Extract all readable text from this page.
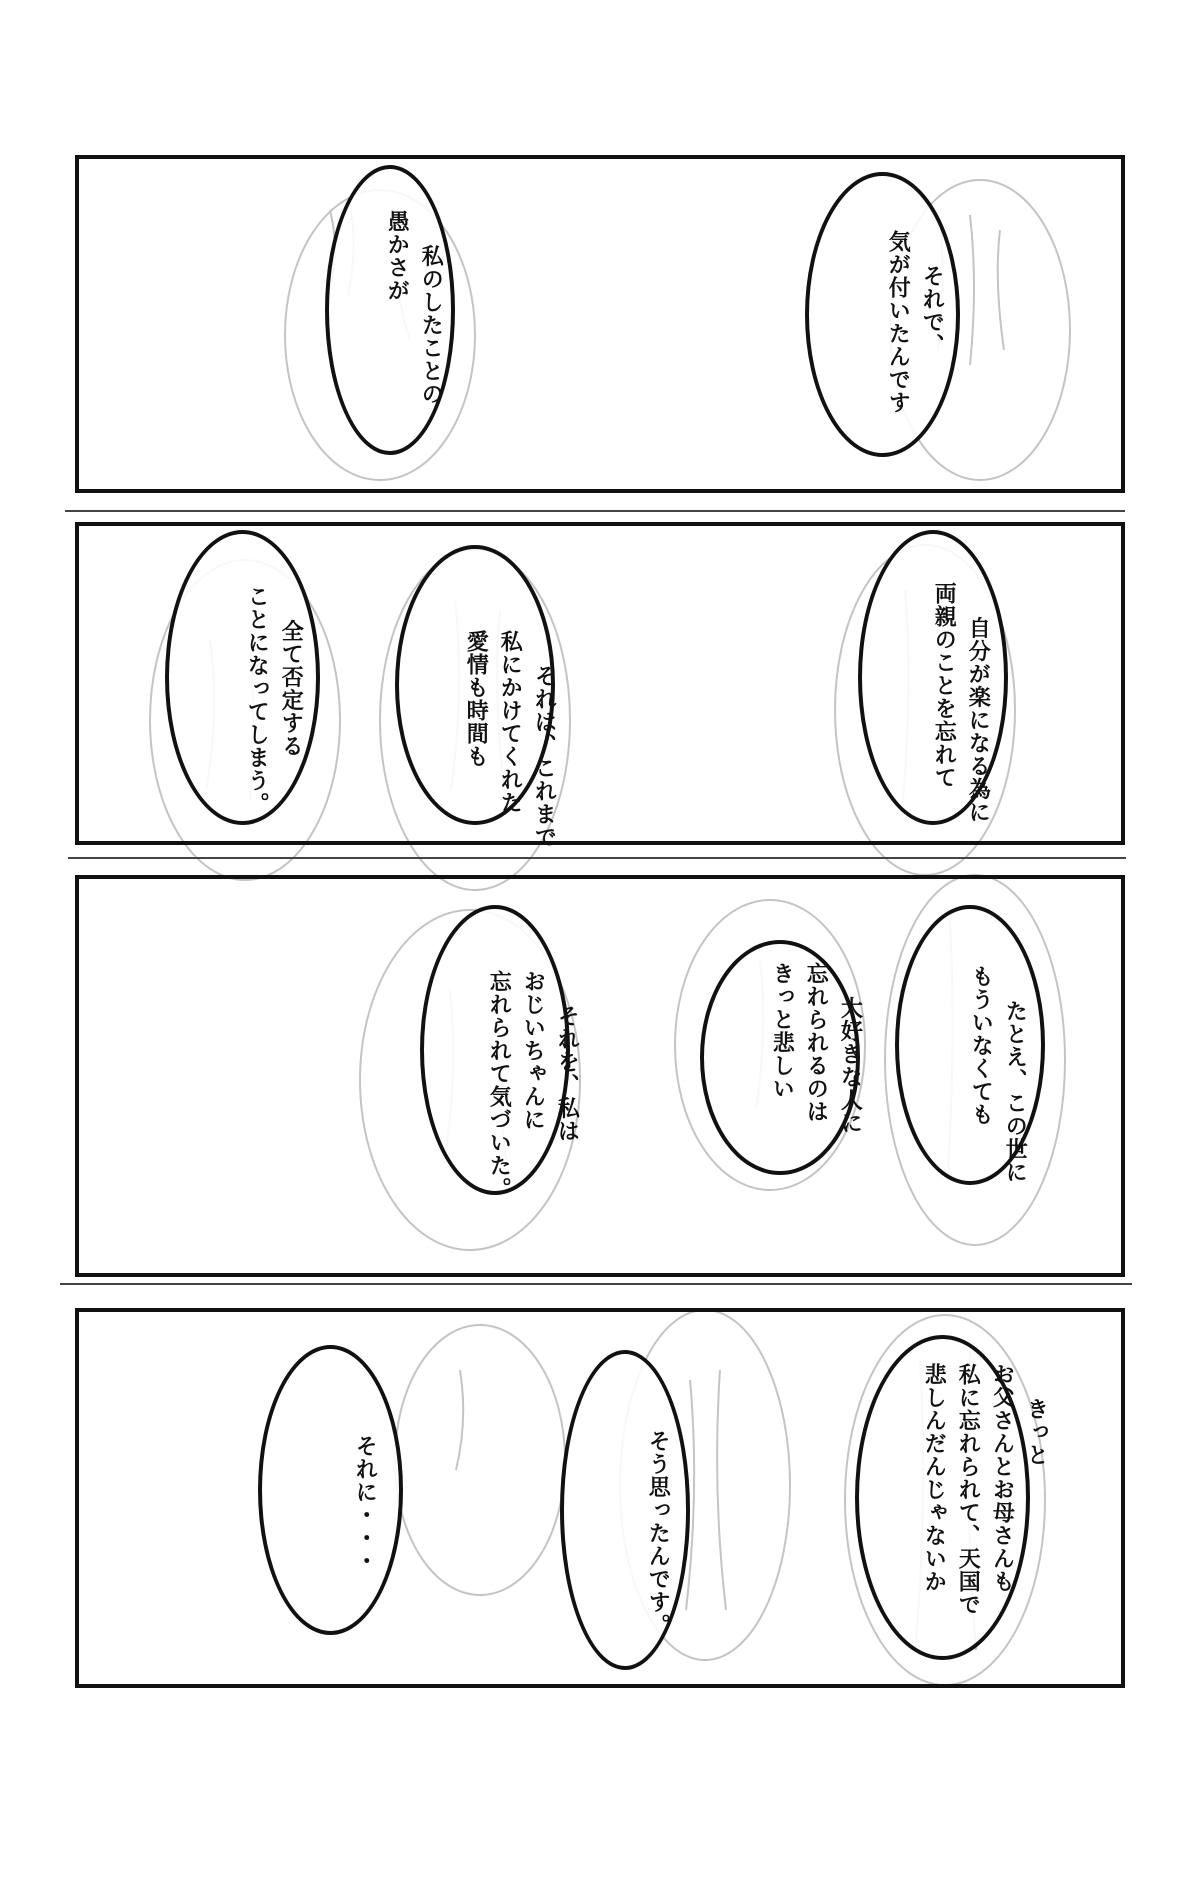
私のしたことの
愚かさが

それで、
気が付いたんです

全て否定する
ことになってしまう。
	それは、これまで
私にかけてくれた
愛情も時間も
	自分が楽になる為に
両親のことを忘れて

それを、私は
おじいちゃんに
忘れられて気づいた。
	大好きな人に
忘れられるのは
きっと悲しい
	たとえ、この世に
もういなくても

それに・・・
	そう思ったんです。
	きっと
お父さんとお母さんも
私に忘れられて、天国で
悲しんだんじゃないか
